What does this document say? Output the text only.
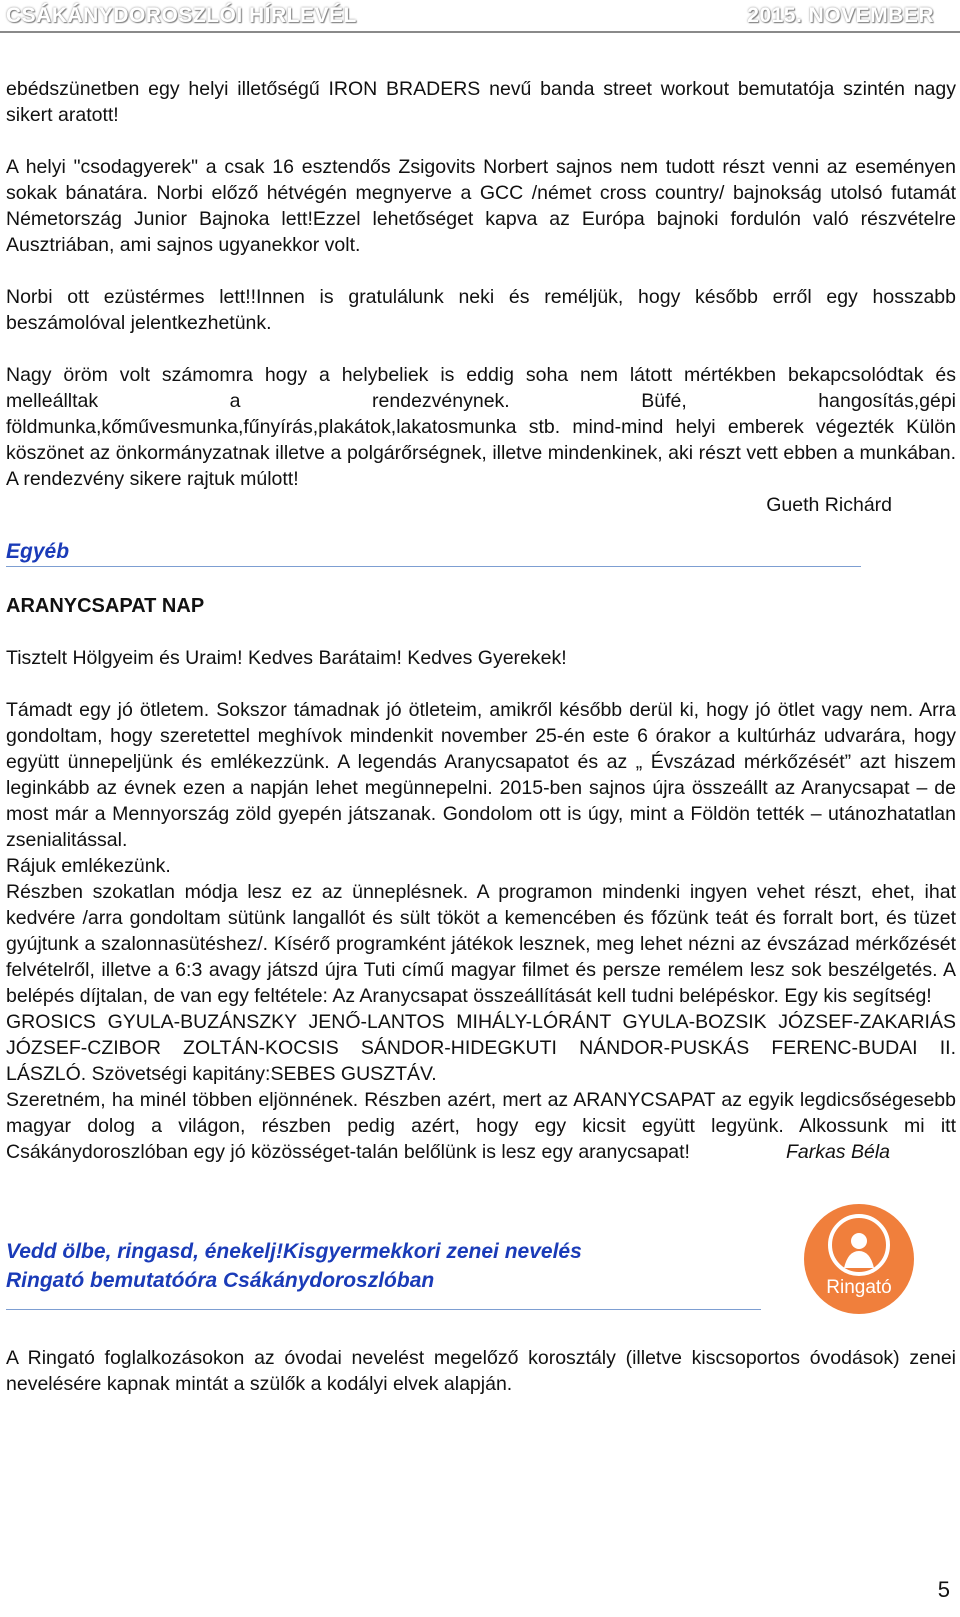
CSÁKÁNYDOROSZLÓI HÍRLEVÉL	2015. NOVEMBER

ebédszünetben egy helyi illetőségű IRON BRADERS nevű banda street workout bemutatója szintén nagy sikert aratott!

A helyi "csodagyerek" a csak 16 esztendős Zsigovits Norbert sajnos nem tudott részt venni az eseményen sokak bánatára. Norbi előző hétvégén megnyerve a GCC /német cross country/ bajnokság utolsó futamát Németország Junior Bajnoka lett!Ezzel lehetőséget kapva az Európa bajnoki fordulón való részvételre Ausztriában, ami sajnos ugyanekkor volt.

Norbi ott ezüstérmes lett!!Innen is gratulálunk neki és reméljük, hogy később erről egy hosszabb beszámolóval jelentkezhetünk.

Nagy öröm volt számomra hogy a helybeliek is eddig soha nem látott mértékben bekapcsolódtak és melleálltak a rendezvénynek. Büfé, hangosítás,gépi földmunka,kőművesmunka,fűnyírás,plakátok,lakatosmunka stb. mind-mind helyi emberek végezték Külön köszönet az önkormányzatnak illetve a polgárőrségnek, illetve mindenkinek, aki részt vett ebben a munkában. A rendezvény sikere rajtuk múlott!

Gueth Richárd

Egyéb

ARANYCSAPAT NAP

Tisztelt Hölgyeim és Uraim! Kedves Barátaim! Kedves Gyerekek!

Támadt egy jó ötletem. Sokszor támadnak jó ötleteim, amikről később derül ki, hogy jó ötlet vagy nem. Arra gondoltam, hogy szeretettel meghívok mindenkit november 25-én este 6 órakor a kultúrház udvarára, hogy együtt ünnepeljünk és emlékezzünk. A legendás Aranycsapatot és az „ Évszázad mérkőzését” azt hiszem leginkább az évnek ezen a napján lehet megünnepelni. 2015-ben sajnos újra összeállt az Aranycsapat – de most már a Mennyország zöld gyepén játszanak. Gondolom ott is úgy, mint a Földön tették – utánozhatatlan zsenialitással.

Rájuk emlékezünk.

Részben szokatlan módja lesz ez az ünneplésnek. A programon mindenki ingyen vehet részt, ehet, ihat kedvére /arra gondoltam sütünk langallót és sült tököt a kemencében és főzünk teát és forralt bort, és tüzet gyújtunk a szalonnasütéshez/. Kísérő programként játékok lesznek, meg lehet nézni az évszázad mérkőzését felvételről, illetve a 6:3 avagy játszd újra Tuti című magyar filmet és persze remélem lesz sok beszélgetés. A belépés díjtalan, de van egy feltétele: Az Aranycsapat összeállítását kell tudni belépéskor. Egy kis segítség!

GROSICS GYULA-BUZÁNSZKY JENŐ-LANTOS MIHÁLY-LÓRÁNT GYULA-BOZSIK JÓZSEF-ZAKARIÁS JÓZSEF-CZIBOR ZOLTÁN-KOCSIS SÁNDOR-HIDEGKUTI NÁNDOR-PUSKÁS FERENC-BUDAI II. LÁSZLÓ. Szövetségi kapitány:SEBES GUSZTÁV.

Szeretném, ha minél többen eljönnének. Részben azért, mert az ARANYCSAPAT az egyik legdicsőségesebb magyar dolog a világon, részben pedig azért, hogy egy kicsit együtt legyünk. Alkossunk mi itt Csákánydoroszlóban egy jó közösséget-talán belőlünk is lesz egy aranycsapat!	Farkas Béla

Vedd ölbe, ringasd, énekelj!Kisgyermekkori zenei nevelés
Ringató bemutatóóra Csákánydoroszlóban	Ringató

A Ringató foglalkozásokon az óvodai nevelést megelőző korosztály (illetve kiscsoportos óvodások) zenei nevelésére kapnak mintát a szülők a kodályi elvek alapján.

5
